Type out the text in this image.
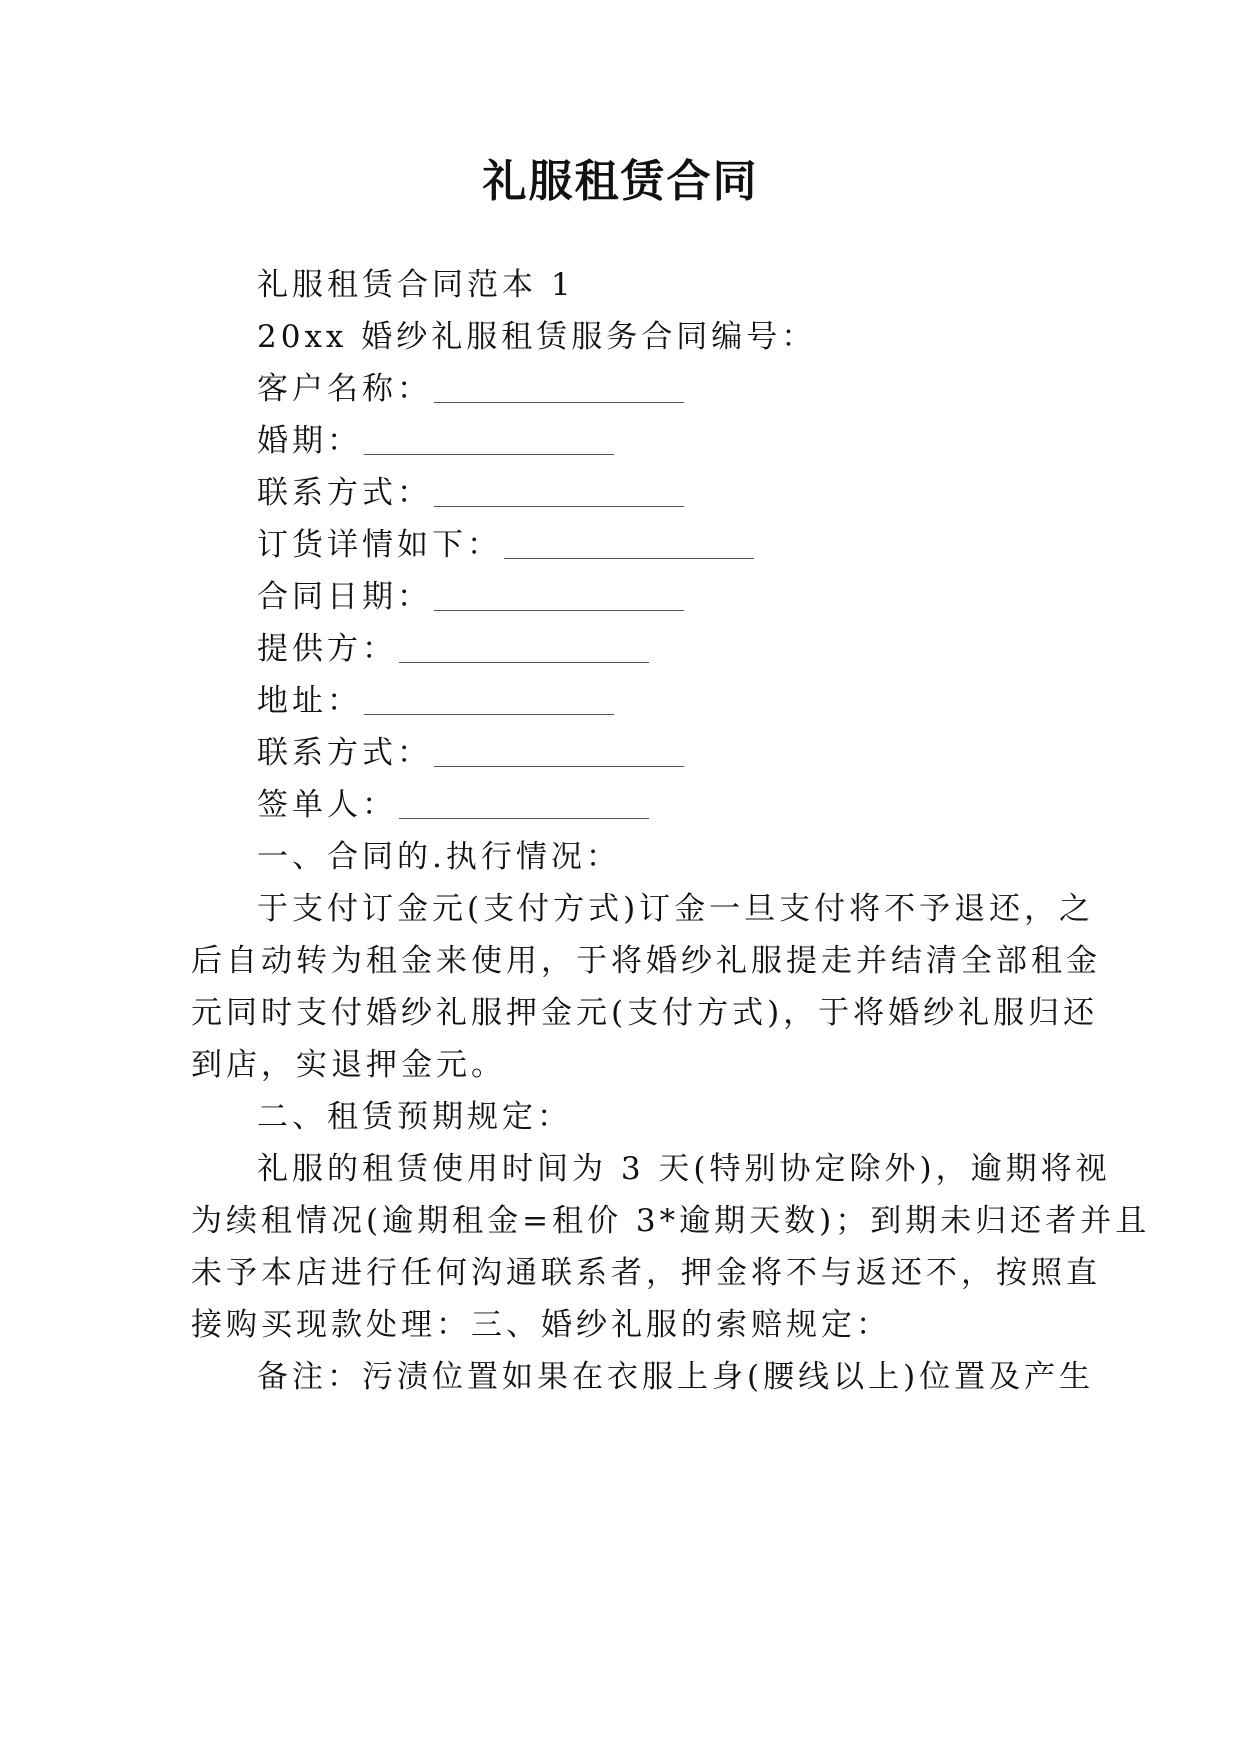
礼服租赁合同
礼服租赁合同范本 1
20xx 婚纱礼服租赁服务合同编号：
客户名称：
婚期：
联系方式：
订货详情如下：
合同日期：
提供方：
地址：
联系方式：
签单人：
一、合同的.执行情况：
于支付订金元(支付方式)订金一旦支付将不予退还，之
后自动转为租金来使用，于将婚纱礼服提走并结清全部租金
元同时支付婚纱礼服押金元(支付方式)，于将婚纱礼服归还
到店，实退押金元。
二、租赁预期规定：
礼服的租赁使用时间为 3 天(特别协定除外)，逾期将视
为续租情况(逾期租金=租价 3*逾期天数)；到期未归还者并且
未予本店进行任何沟通联系者，押金将不与返还不，按照直
接购买现款处理：三、婚纱礼服的索赔规定：
备注：污渍位置如果在衣服上身(腰线以上)位置及产生
